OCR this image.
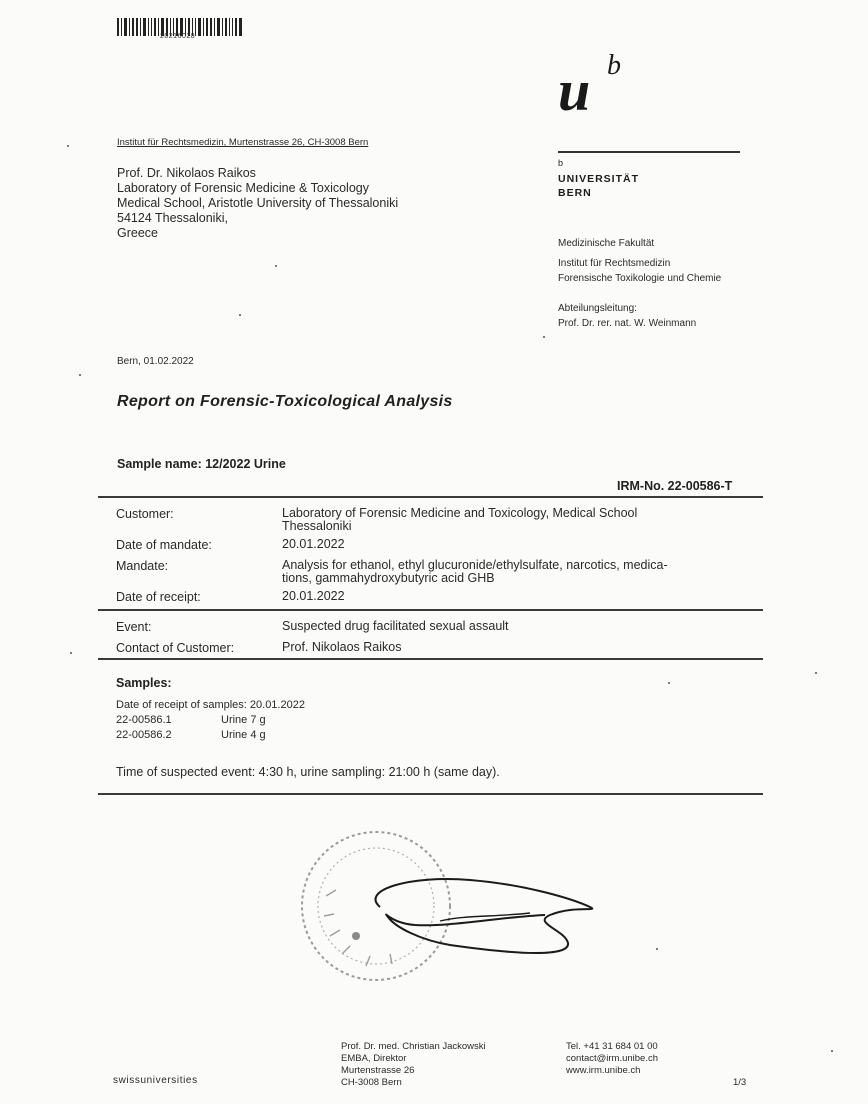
20216028
u b
b
UNIVERSITÄT
BERN
Medizinische Fakultät
Institut für Rechtsmedizin
Forensische Toxikologie und Chemie
Abteilungsleitung:
Prof. Dr. rer. nat. W. Weinmann
Institut für Rechtsmedizin, Murtenstrasse 26, CH-3008 Bern
Prof. Dr. Nikolaos Raikos
Laboratory of Forensic Medicine & Toxicology
Medical School, Aristotle University of Thessaloniki
54124 Thessaloniki,
Greece
Bern, 01.02.2022
Report on Forensic-Toxicological Analysis
Sample name: 12/2022 Urine
IRM-No. 22-00586-T
Customer:	Laboratory of Forensic Medicine and Toxicology, Medical School
Thessaloniki
Date of mandate:	20.01.2022
Mandate:	Analysis for ethanol, ethyl glucuronide/ethylsulfate, narcotics, medica-
tions, gammahydroxybutyric acid GHB
Date of receipt:	20.01.2022
Event:	Suspected drug facilitated sexual assault
Contact of Customer:	Prof. Nikolaos Raikos
Samples:
Date of receipt of samples: 20.01.2022
22-00586.1	Urine 7 g
22-00586.2	Urine 4 g
Time of suspected event: 4:30 h, urine sampling: 21:00 h (same day).
Prof. Dr. med. Christian Jackowski
EMBA, Direktor
Murtenstrasse 26
CH-3008 Bern
Tel. +41 31 684 01 00
contact@irm.unibe.ch
www.irm.unibe.ch
swissuniversities	1/3
